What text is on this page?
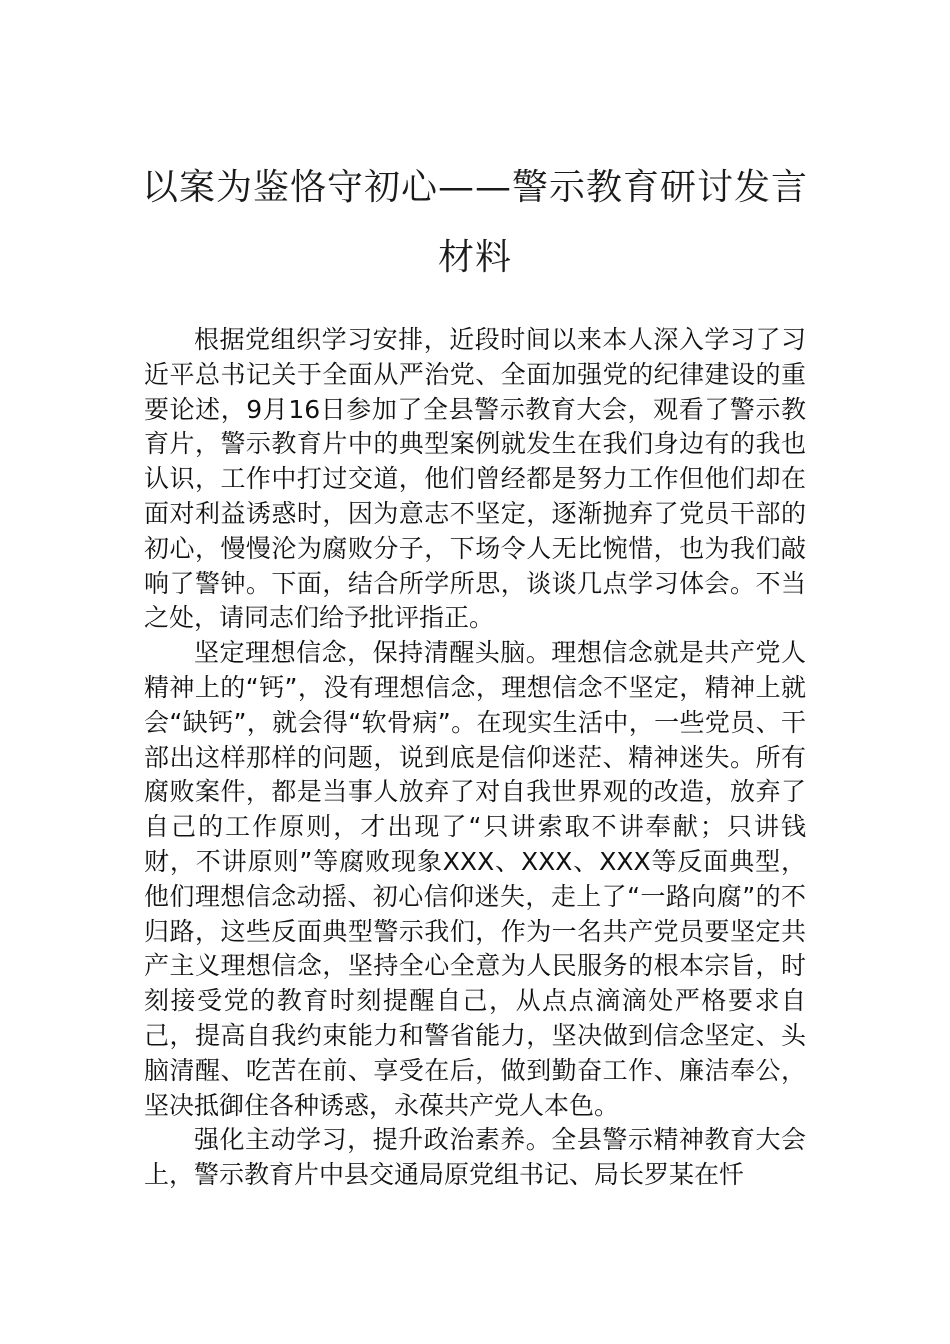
以案为鉴恪守初心——警示教育研讨发言
材料

根据党组织学习安排，近段时间以来本人深入学习了习近平总书记关于全面从严治党、全面加强党的纪律建设的重要论述，9月16日参加了全县警示教育大会，观看了警示教育片，警示教育片中的典型案例就发生在我们身边有的我也认识，工作中打过交道，他们曾经都是努力工作但他们却在面对利益诱惑时，因为意志不坚定，逐渐抛弃了党员干部的初心，慢慢沦为腐败分子，下场令人无比惋惜，也为我们敲响了警钟。下面，结合所学所思，谈谈几点学习体会。不当之处，请同志们给予批评指正。

坚定理想信念，保持清醒头脑。理想信念就是共产党人精神上的“钙”，没有理想信念，理想信念不坚定，精神上就会“缺钙”，就会得“软骨病”。在现实生活中，一些党员、干部出这样那样的问题，说到底是信仰迷茫、精神迷失。所有腐败案件，都是当事人放弃了对自我世界观的改造，放弃了自己的工作原则，才出现了“只讲索取不讲奉献；只讲钱财，不讲原则”等腐败现象XXX、XXX、XXX等反面典型，他们理想信念动摇、初心信仰迷失，走上了“一路向腐”的不归路，这些反面典型警示我们，作为一名共产党员要坚定共产主义理想信念，坚持全心全意为人民服务的根本宗旨，时刻接受党的教育时刻提醒自己，从点点滴滴处严格要求自己，提高自我约束能力和警省能力，坚决做到信念坚定、头脑清醒、吃苦在前、享受在后，做到勤奋工作、廉洁奉公，坚决抵御住各种诱惑，永葆共产党人本色。

强化主动学习，提升政治素养。全县警示精神教育大会上，警示教育片中县交通局原党组书记、局长罗某在忏
